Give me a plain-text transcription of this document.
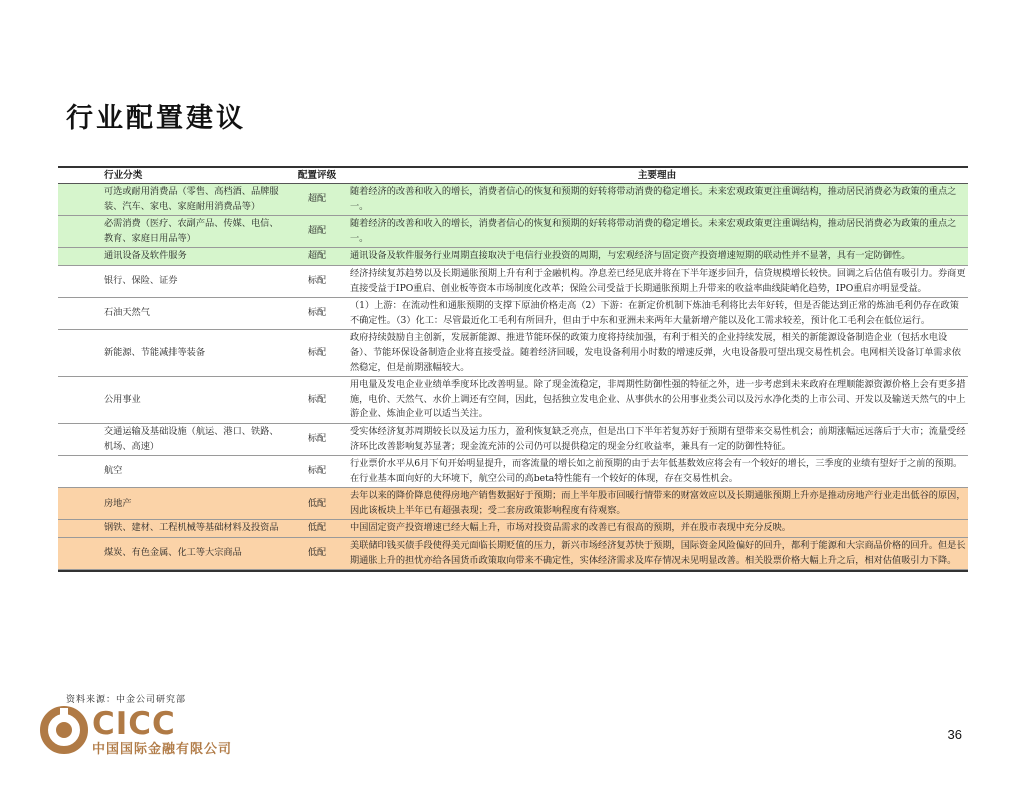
行业配置建议
行业分类	配置评级	主要理由
可选或耐用消费品（零售、高档酒、品牌服装、汽车、家电、家庭耐用消费品等）	超配	随着经济的改善和收入的增长，消费者信心的恢复和预期的好转将带动消费的稳定增长。未来宏观政策更注重调结构，推动居民消费必为政策的重点之一。
必需消费（医疗、农副产品、传媒、电信、教育、家庭日用品等）	超配	随着经济的改善和收入的增长，消费者信心的恢复和预期的好转将带动消费的稳定增长。未来宏观政策更注重调结构，推动居民消费必为政策的重点之一。
通讯设备及软件服务	超配	通讯设备及软件服务行业周期直接取决于电信行业投资的周期，与宏观经济与固定资产投资增速短期的联动性并不显著，具有一定防御性。
银行、保险、证券	标配	经济持续复苏趋势以及长期通胀预期上升有利于金融机构。净息差已经见底并将在下半年逐步回升，信贷规模增长较快。回调之后估值有吸引力。券商更直接受益于IPO重启、创业板等资本市场制度化改革；保险公司受益于长期通胀预期上升带来的收益率曲线陡峭化趋势，IPO重启亦明显受益。
石油天然气	标配	（1）上游：在流动性和通胀预期的支撑下原油价格走高（2）下游：在新定价机制下炼油毛利将比去年好转，但是否能达到正常的炼油毛利仍存在政策不确定性。（3）化工：尽管最近化工毛利有所回升，但由于中东和亚洲未来两年大量新增产能以及化工需求较差，预计化工毛利会在低位运行。
新能源、节能减排等装备	标配	政府持续鼓励自主创新，发展新能源、推进节能环保的政策力度将持续加强，有利于相关的企业持续发展，相关的新能源设备制造企业（包括水电设备）、节能环保设备制造企业将直接受益。随着经济回暖，发电设备利用小时数的增速反弹，火电设备股可望出现交易性机会。电网相关设备订单需求依然稳定，但是前期涨幅较大。
公用事业	标配	用电量及发电企业业绩单季度环比改善明显。除了现金流稳定，非周期性防御性强的特征之外，进一步考虑到未来政府在理顺能源资源价格上会有更多措施，电价、天然气、水价上调还有空间，因此，包括独立发电企业、从事供水的公用事业类公司以及污水净化类的上市公司、开发以及输送天然气的中上游企业、炼油企业可以适当关注。
交通运输及基础设施（航运、港口、铁路、机场、高速）	标配	受实体经济复苏周期较长以及运力压力，盈利恢复缺乏亮点，但是出口下半年若复苏好于预期有望带来交易性机会；前期涨幅远远落后于大市；流量受经济环比改善影响复苏显著；现金流充沛的公司仍可以提供稳定的现金分红收益率，兼具有一定的防御性特征。
航空	标配	行业票价水平从6月下旬开始明显提升，而客流量的增长如之前预期的由于去年低基数效应将会有一个较好的增长，三季度的业绩有望好于之前的预期。在行业基本面向好的大环境下，航空公司的高beta特性能有一个较好的体现，存在交易性机会。
房地产	低配	去年以来的降价降息使得房地产销售数据好于预期；而上半年股市回暖行情带来的财富效应以及长期通胀预期上升亦是推动房地产行业走出低谷的原因，因此该板块上半年已有超强表现；受二套房政策影响程度有待观察。
钢铁、建材、工程机械等基础材料及投资品	低配	中国固定资产投资增速已经大幅上升，市场对投资品需求的改善已有很高的预期，并在股市表现中充分反映。
煤炭、有色金属、化工等大宗商品	低配	美联储印钱买债手段使得美元面临长期贬值的压力，新兴市场经济复苏快于预期，国际资金风险偏好的回升，都利于能源和大宗商品价格的回升。但是长期通胀上升的担忧亦给各国货币政策取向带来不确定性，实体经济需求及库存情况未见明显改善。相关股票价格大幅上升之后，相对估值吸引力下降。
资料来源：中金公司研究部
CICC
中国国际金融有限公司
36
